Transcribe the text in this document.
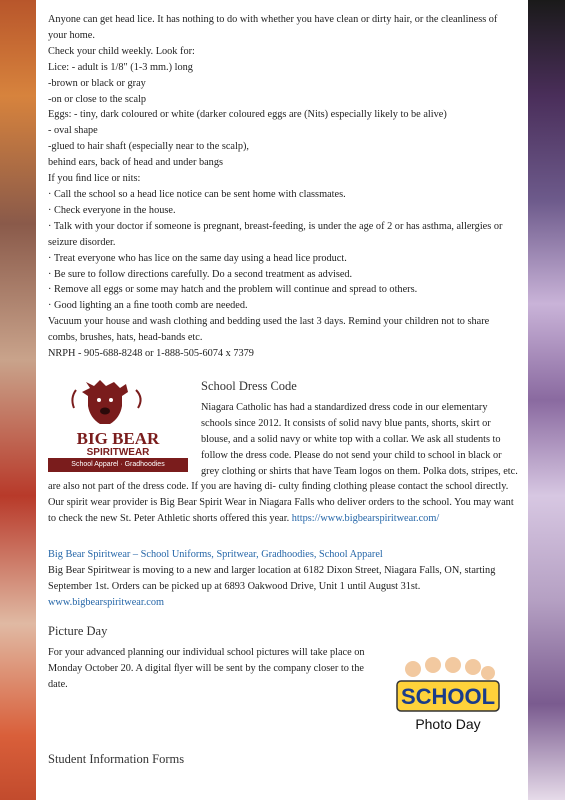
Anyone can get head lice. It has nothing to do with whether you have clean or dirty hair, or the cleanliness of your home.

Check your child weekly. Look for:

Lice: - adult is 1/8" (1-3 mm.) long

-brown or black or gray

-on or close to the scalp

Eggs: - tiny, dark coloured or white (darker coloured eggs are (Nits) especially likely to be alive)

- oval shape

-glued to hair shaft (especially near to the scalp),

behind ears, back of head and under bangs

If you ﬁnd lice or nits:

· Call the school so a head lice notice can be sent home with classmates.

· Check everyone in the house.

· Talk with your doctor if someone is pregnant, breast-feeding, is under the age of 2 or has asthma, allergies or seizure disorder.

· Treat everyone who has lice on the same day using a head lice product.

· Be sure to follow directions carefully. Do a second treatment as advised.

· Remove all eggs or some may hatch and the problem will continue and spread to others.

· Good lighting an a ﬁne tooth comb are needed.

Vacuum your house and wash clothing and bedding used the last 3 days. Remind your children not to share combs, brushes, hats, head-bands etc.

NRPH - 905-688-8248 or 1-888-505-6074 x 7379

BIG BEAR
SPIRITWEAR
School Apparel · Gradhoodies
School Dress Code

Niagara Catholic has had a standardized dress code in our elementary schools since 2012. It consists of solid navy blue pants, shorts, skirt or blouse, and a solid navy or white top with a collar. We ask all students to follow the dress code. Please do not send your child to school in black or grey clothing or shirts that have Team logos on them. Polka dots, stripes, etc. are also not part of the dress code. If you are having di- culty ﬁnding clothing please contact the school directly. Our spirit wear provider is Big Bear Spirit Wear in Niagara Falls who deliver orders to the school. You may want to check the new St. Peter Athletic shorts offered this year. https://www.bigbearspiritwear.com/

Big Bear Spiritwear – School Uniforms, Spritwear, Gradhoodies, School Apparel

Big Bear Spiritwear is moving to a new and larger location at 6182 Dixon Street, Niagara Falls, ON, starting September 1st. Orders can be picked up at 6893 Oakwood Drive, Unit 1 until August 31st.

www.bigbearspiritwear.com

Picture Day

For your advanced planning our individual school pictures will take place on Monday October 20. A digital ﬂyer will be sent by the company closer to the date.	SCHOOL
Photo Day
Student Information Forms
